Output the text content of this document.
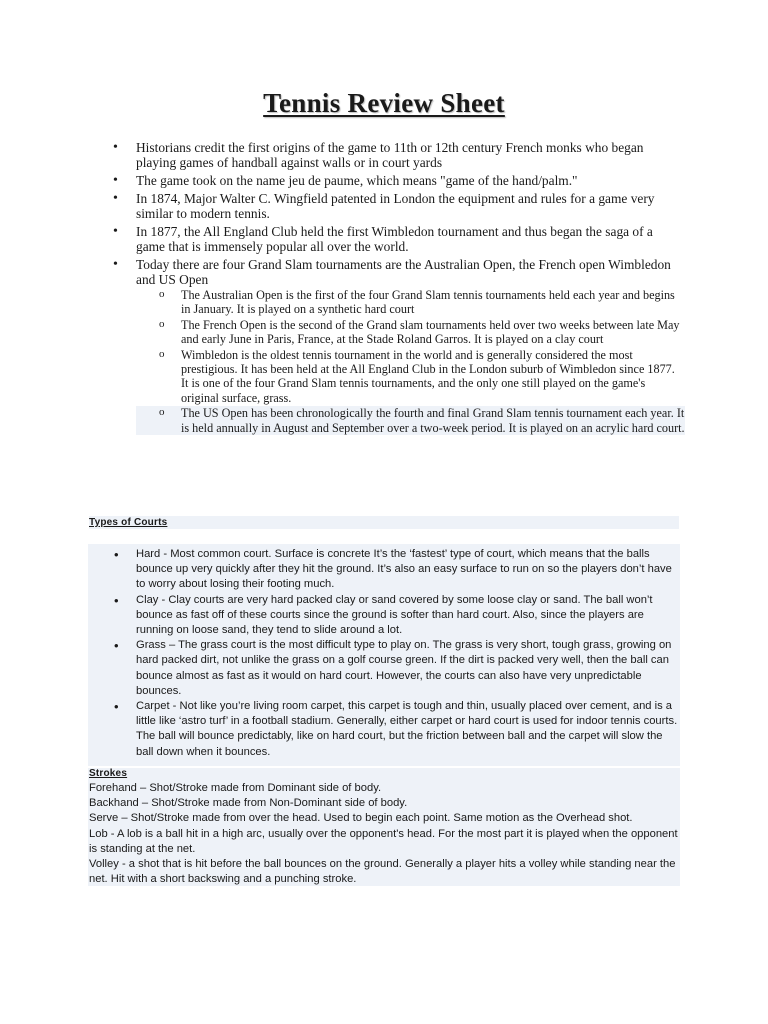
Tennis Review Sheet
• Historians credit the first origins of the game to 11th or 12th century French monks who began playing games of handball against walls or in court yards
• The game took on the name jeu de paume, which means "game of the hand/palm."
• In 1874, Major Walter C. Wingfield patented in London the equipment and rules for a game very similar to modern tennis.
• In 1877, the All England Club held the first Wimbledon tournament and thus began the saga of a game that is immensely popular all over the world.
• Today there are four Grand Slam tournaments are the Australian Open, the French open Wimbledon and US Open
o The Australian Open is the first of the four Grand Slam tennis tournaments held each year and begins in January. It is played on a synthetic hard court
o The French Open is the second of the Grand slam tournaments held over two weeks between late May and early June in Paris, France, at the Stade Roland Garros. It is played on a clay court
o Wimbledon is the oldest tennis tournament in the world and is generally considered the most prestigious. It has been held at the All England Club in the London suburb of Wimbledon since 1877. It is one of the four Grand Slam tennis tournaments, and the only one still played on the game's original surface, grass.
o The US Open has been chronologically the fourth and final Grand Slam tennis tournament each year. It is held annually in August and September over a two-week period. It is played on an acrylic hard court.
Types of Courts
• Hard - Most common court. Surface is concrete It’s the ‘fastest’ type of court, which means that the balls bounce up very quickly after they hit the ground. It’s also an easy surface to run on so the players don’t have to worry about losing their footing much.
• Clay - Clay courts are very hard packed clay or sand covered by some loose clay or sand. The ball won’t bounce as fast off of these courts since the ground is softer than hard court. Also, since the players are running on loose sand, they tend to slide around a lot.
• Grass – The grass court is the most difficult type to play on. The grass is very short, tough grass, growing on hard packed dirt, not unlike the grass on a golf course green. If the dirt is packed very well, then the ball can bounce almost as fast as it would on hard court. However, the courts can also have very unpredictable bounces.
• Carpet - Not like you’re living room carpet, this carpet is tough and thin, usually placed over cement, and is a little like ‘astro turf’ in a football stadium. Generally, either carpet or hard court is used for indoor tennis courts. The ball will bounce predictably, like on hard court, but the friction between ball and the carpet will slow the ball down when it bounces.
Strokes
Forehand – Shot/Stroke made from Dominant side of body.
Backhand – Shot/Stroke made from Non-Dominant side of body.
Serve – Shot/Stroke made from over the head. Used to begin each point. Same motion as the Overhead shot.
Lob - A lob is a ball hit in a high arc, usually over the opponent's head. For the most part it is played when the opponent is standing at the net.
Volley - a shot that is hit before the ball bounces on the ground. Generally a player hits a volley while standing near the net. Hit with a short backswing and a punching stroke.
